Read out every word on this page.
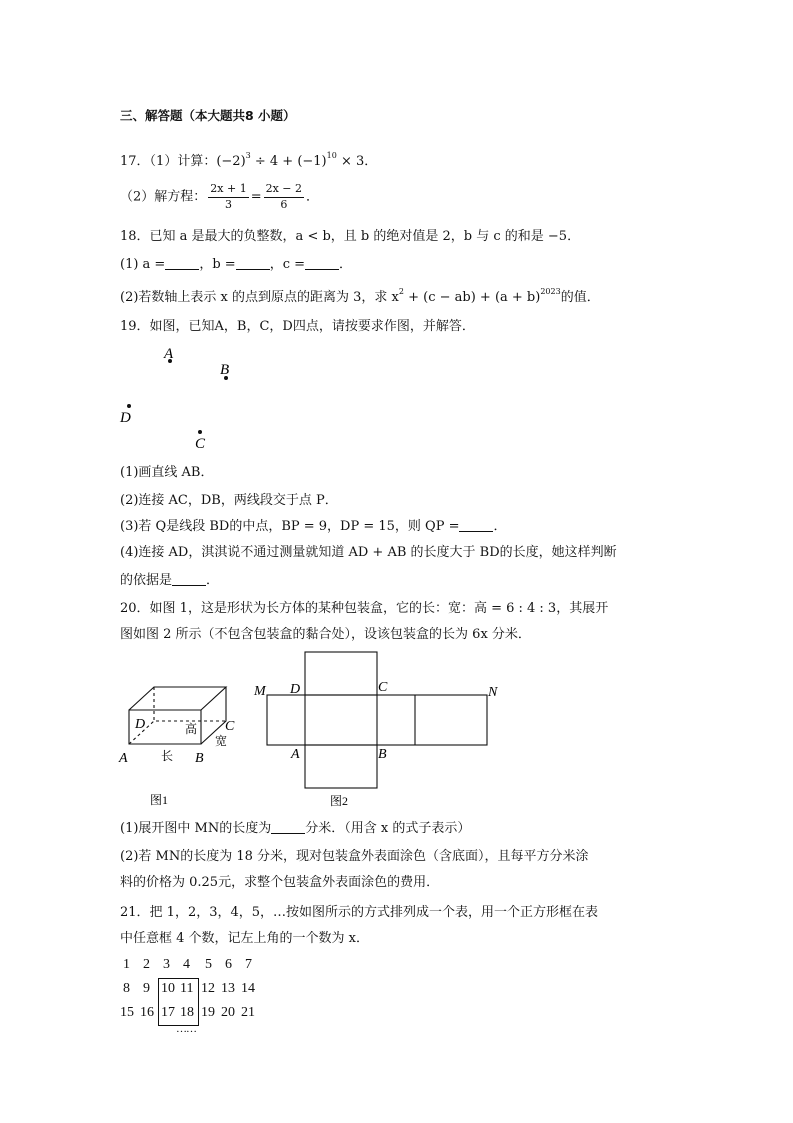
三、解答题（本大题共8 小题）
17．（1）计算：$(-2)^3 \div 4 + (-1)^{10} \times 3$．
（2）解方程： $\frac{2x + 1}{3} = \frac{2x - 2}{6}$ ．
18．已知 a 是最大的负整数，a < b，且 b 的绝对值是 2，b 与 c 的和是 −5．
(1) a =	，b =	，c =	．
(2)若数轴上表示 x 的点到原点的距离为 3，求 $x^2 + (c - ab) + (a + b)^{2023}$的值．
19．如图，已知A，B，C，D四点，请按要求作图，并解答．
A
B
D
C
(1)画直线 AB．
(2)连接 AC，DB，两线段交于点 P．
(3)若 Q是线段 BD的中点，BP = 9，DP = 15，则 QP =	．
(4)连接 AD，淇淇说不通过测量就知道 AD + AB 的长度大于 BD的长度，她这样判断
的依据是	．
20．如图 1，这是形状为长方体的某种包装盒，它的长：宽：高 = 6 : 4 : 3，其展开
图如图 2 所示（不包含包装盒的黏合处），设该包装盒的长为 6x 分米．
D	C
A	B
高
宽
长
图1
M D	C	N
A	B
图2
(1)展开图中 MN的长度为	分米．（用含 x 的式子表示）
(2)若 MN的长度为 18 分米，现对包装盒外表面涂色（含底面），且每平方分米涂
料的价格为 0.25元，求整个包装盒外表面涂色的费用．
21．把 1，2，3，4，5，…按如图所示的方式排列成一个表，用一个正方形框在表
中任意框 4 个数，记左上角的一个数为 x．
1 2 3 4 5 6 7
8 9 10 11 12 13 14
15 16 17 18 19 20 21
……
